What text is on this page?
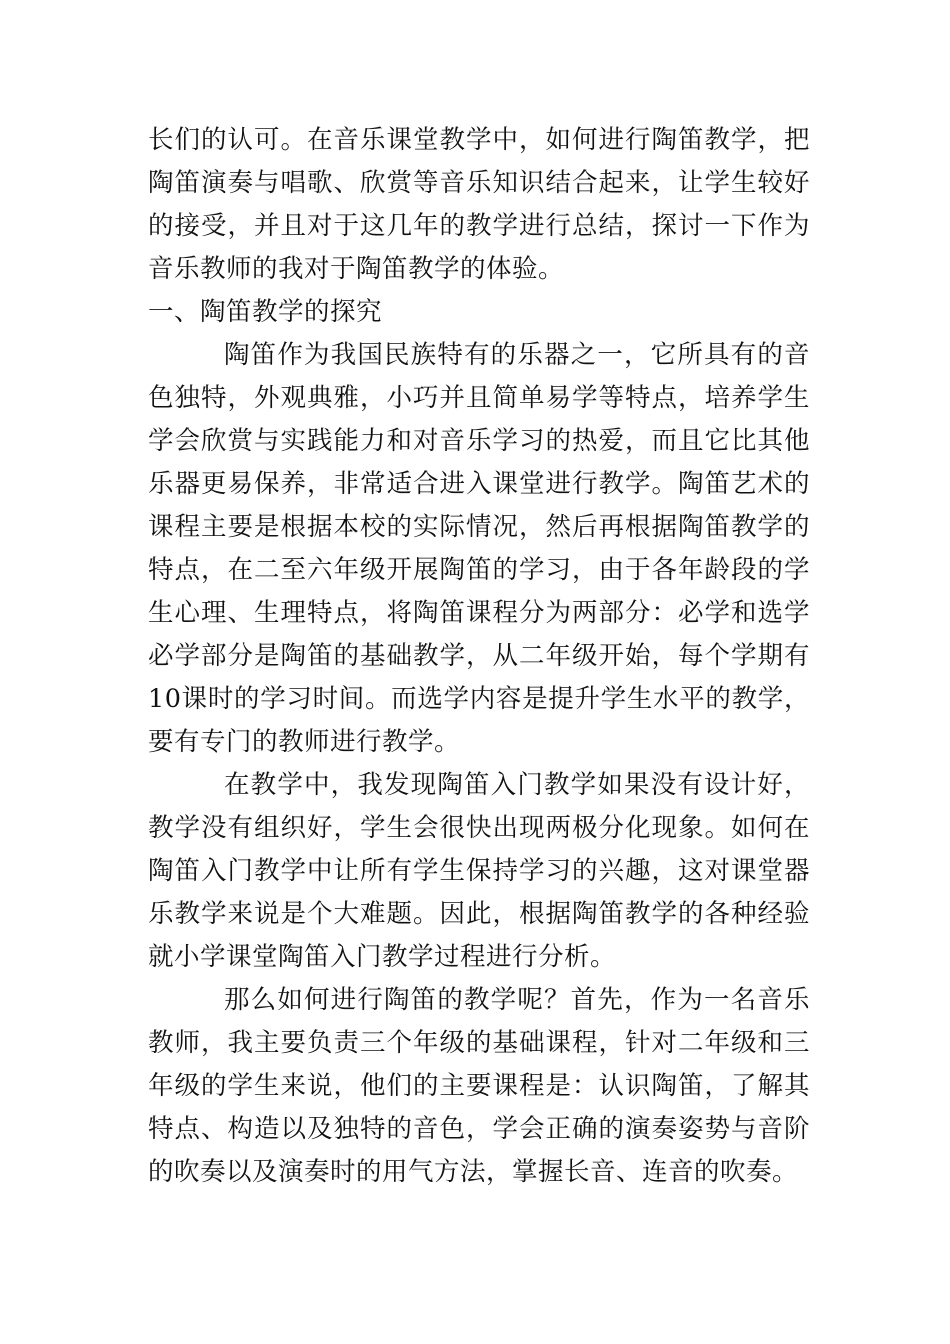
长们的认可。在音乐课堂教学中，如何进行陶笛教学，把陶笛演奏与唱歌、欣赏等音乐知识结合起来，让学生较好的接受，并且对于这几年的教学进行总结，探讨一下作为音乐教师的我对于陶笛教学的体验。

一、陶笛教学的探究

陶笛作为我国民族特有的乐器之一，它所具有的音色独特，外观典雅，小巧并且简单易学等特点，培养学生学会欣赏与实践能力和对音乐学习的热爱，而且它比其他乐器更易保养，非常适合进入课堂进行教学。陶笛艺术的课程主要是根据本校的实际情况，然后再根据陶笛教学的特点，在二至六年级开展陶笛的学习，由于各年龄段的学生心理、生理特点，将陶笛课程分为两部分：必学和选学必学部分是陶笛的基础教学，从二年级开始，每个学期有10课时的学习时间。而选学内容是提升学生水平的教学，要有专门的教师进行教学。

在教学中，我发现陶笛入门教学如果没有设计好，教学没有组织好，学生会很快出现两极分化现象。如何在陶笛入门教学中让所有学生保持学习的兴趣，这对课堂器乐教学来说是个大难题。因此，根据陶笛教学的各种经验就小学课堂陶笛入门教学过程进行分析。

那么如何进行陶笛的教学呢？首先，作为一名音乐教师，我主要负责三个年级的基础课程，针对二年级和三年级的学生来说，他们的主要课程是：认识陶笛，了解其特点、构造以及独特的音色，学会正确的演奏姿势与音阶的吹奏以及演奏时的用气方法，掌握长音、连音的吹奏。
